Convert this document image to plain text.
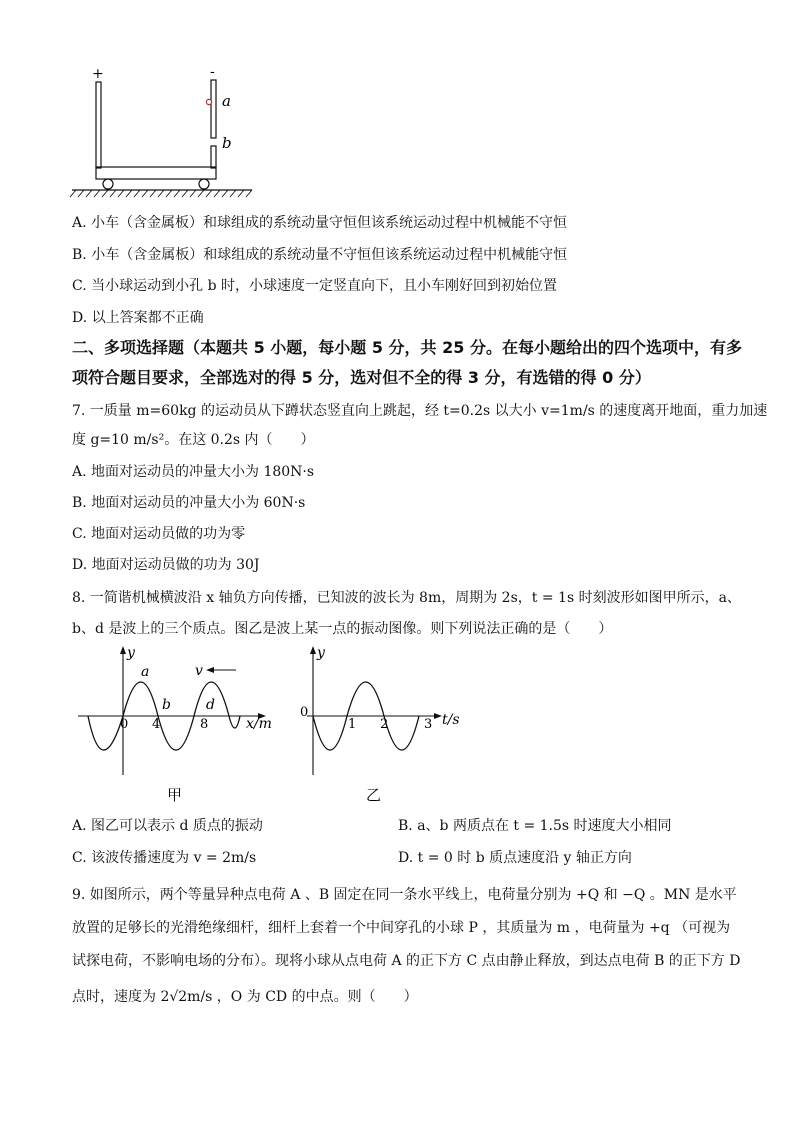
+	-
a
b
A. 小车（含金属板）和球组成的系统动量守恒但该系统运动过程中机械能不守恒
B. 小车（含金属板）和球组成的系统动量不守恒但该系统运动过程中机械能守恒
C. 当小球运动到小孔 b 时，小球速度一定竖直向下，且小车刚好回到初始位置
D. 以上答案都不正确
二、多项选择题（本题共 5 小题，每小题 5 分，共 25 分。在每小题给出的四个选项中，有多
项符合题目要求，全部选对的得 5 分，选对但不全的得 3 分，有选错的得 0 分）
7. 一质量 m=60kg 的运动员从下蹲状态竖直向上跳起，经 t=0.2s 以大小 v=1m/s 的速度离开地面，重力加速
度 g=10 m/s²。在这 0.2s 内（　　）
A. 地面对运动员的冲量大小为 180N·s
B. 地面对运动员的冲量大小为 60N·s
C. 地面对运动员做的功为零
D. 地面对运动员做的功为 30J
8. 一简谐机械横波沿 x 轴负方向传播，已知波的波长为 8m，周期为 2s，t = 1s 时刻波形如图甲所示，a、
b、d 是波上的三个质点。图乙是波上某一点的振动图像。则下列说法正确的是（　　）
y
x/m
v
0 4	8
a
b	d
甲
y
0	t/s
1 2	3
乙
A. 图乙可以表示 d 质点的振动	B. a、b 两质点在 t = 1.5s 时速度大小相同
C. 该波传播速度为 v = 2m/s	D. t = 0 时 b 质点速度沿 y 轴正方向
9. 如图所示，两个等量异种点电荷 A 、B 固定在同一条水平线上，电荷量分别为 +Q 和 −Q 。MN 是水平
放置的足够长的光滑绝缘细杆，细杆上套着一个中间穿孔的小球 P ，其质量为 m ，电荷量为 +q （可视为
试探电荷，不影响电场的分布）。现将小球从点电荷 A 的正下方 C 点由静止释放，到达点电荷 B 的正下方 D
点时，速度为 2√2m/s ，O 为 CD 的中点。则（　　）
